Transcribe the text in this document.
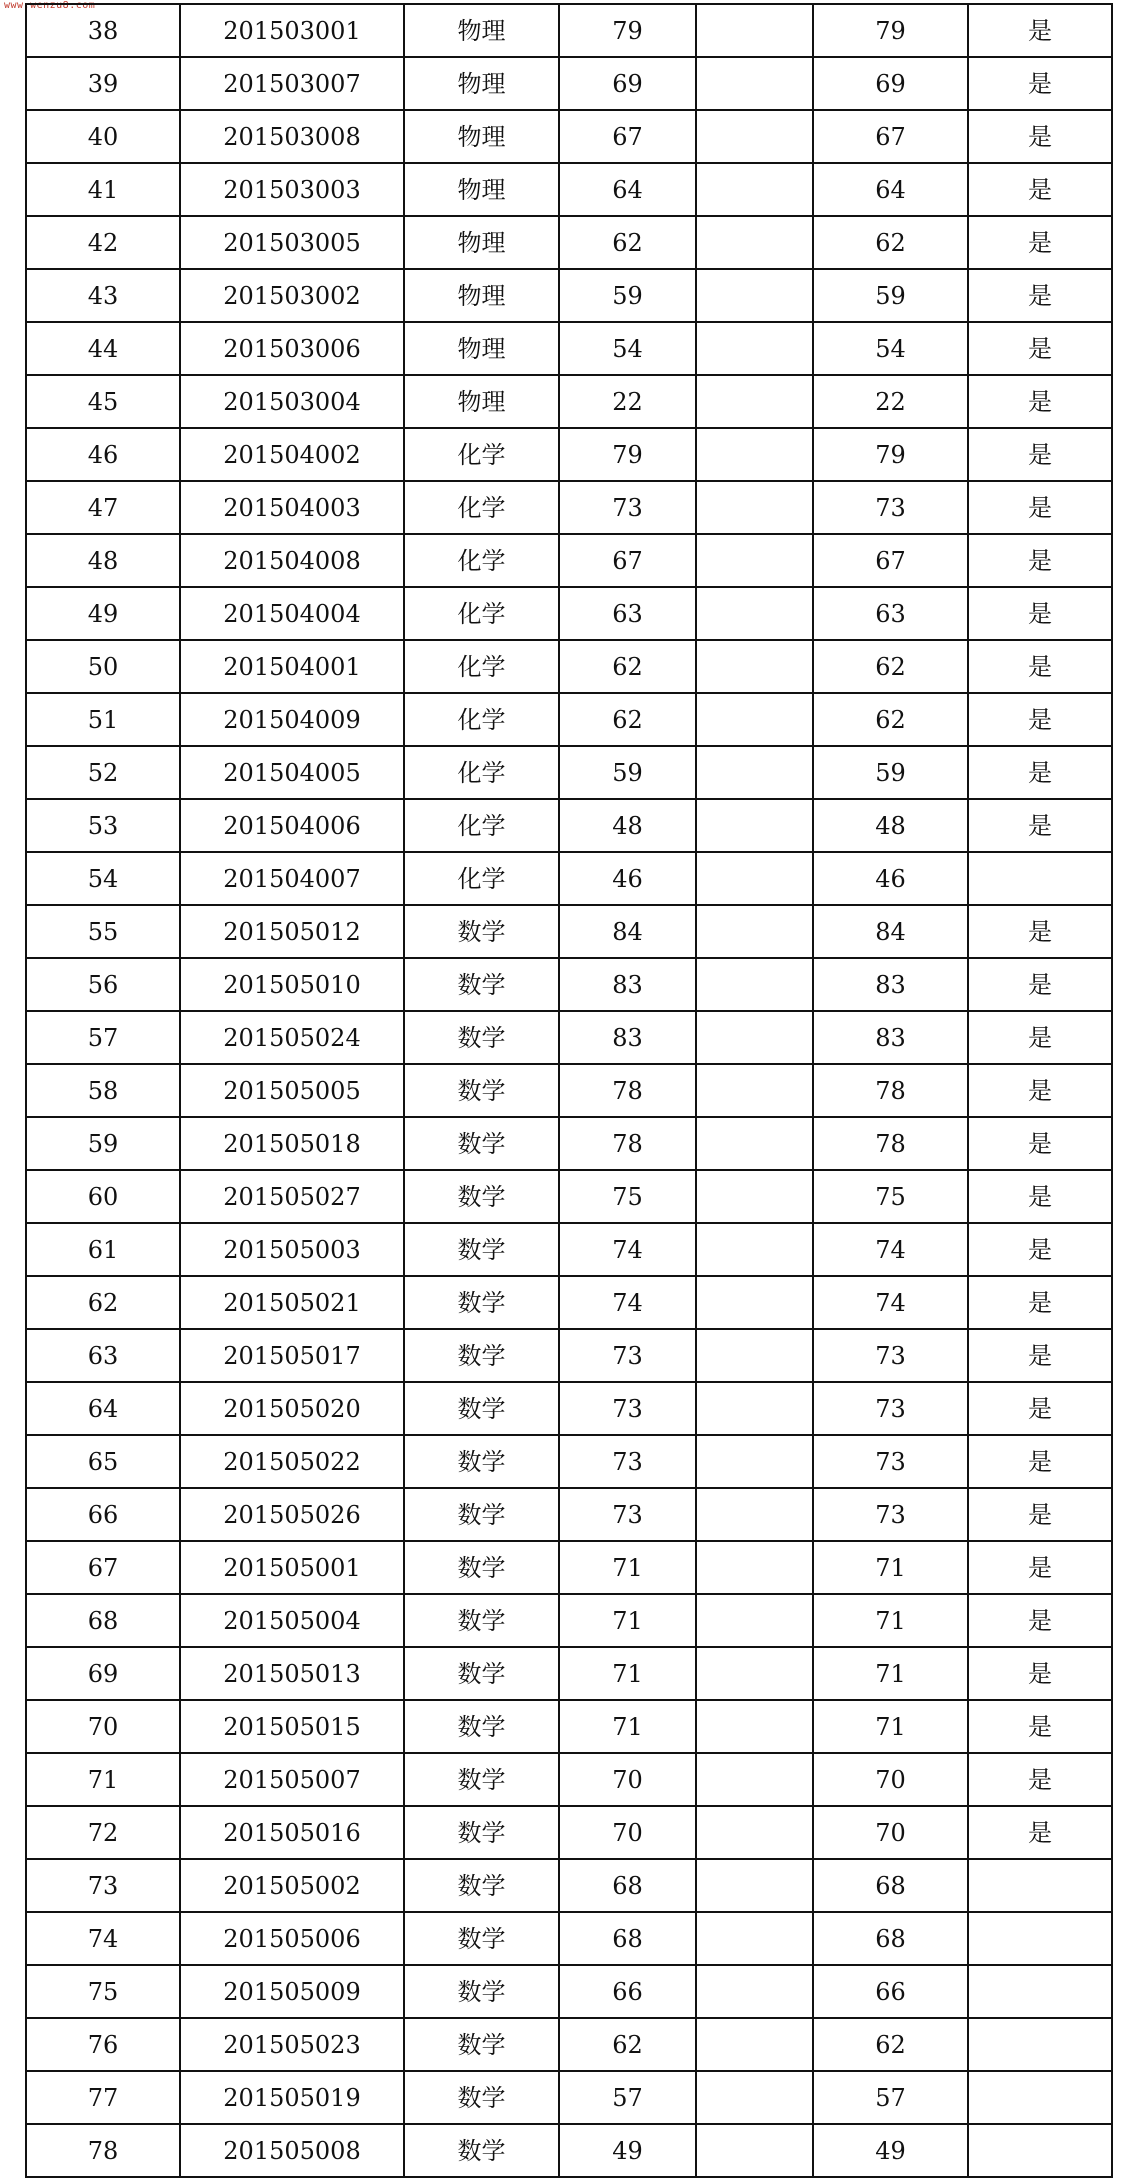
www.wenzu8.com
38	201503001	物理	79		79	是
39	201503007	物理	69		69	是
40	201503008	物理	67		67	是
41	201503003	物理	64		64	是
42	201503005	物理	62		62	是
43	201503002	物理	59		59	是
44	201503006	物理	54		54	是
45	201503004	物理	22		22	是
46	201504002	化学	79		79	是
47	201504003	化学	73		73	是
48	201504008	化学	67		67	是
49	201504004	化学	63		63	是
50	201504001	化学	62		62	是
51	201504009	化学	62		62	是
52	201504005	化学	59		59	是
53	201504006	化学	48		48	是
54	201504007	化学	46		46	
55	201505012	数学	84		84	是
56	201505010	数学	83		83	是
57	201505024	数学	83		83	是
58	201505005	数学	78		78	是
59	201505018	数学	78		78	是
60	201505027	数学	75		75	是
61	201505003	数学	74		74	是
62	201505021	数学	74		74	是
63	201505017	数学	73		73	是
64	201505020	数学	73		73	是
65	201505022	数学	73		73	是
66	201505026	数学	73		73	是
67	201505001	数学	71		71	是
68	201505004	数学	71		71	是
69	201505013	数学	71		71	是
70	201505015	数学	71		71	是
71	201505007	数学	70		70	是
72	201505016	数学	70		70	是
73	201505002	数学	68		68	
74	201505006	数学	68		68	
75	201505009	数学	66		66	
76	201505023	数学	62		62	
77	201505019	数学	57		57	
78	201505008	数学	49		49	
